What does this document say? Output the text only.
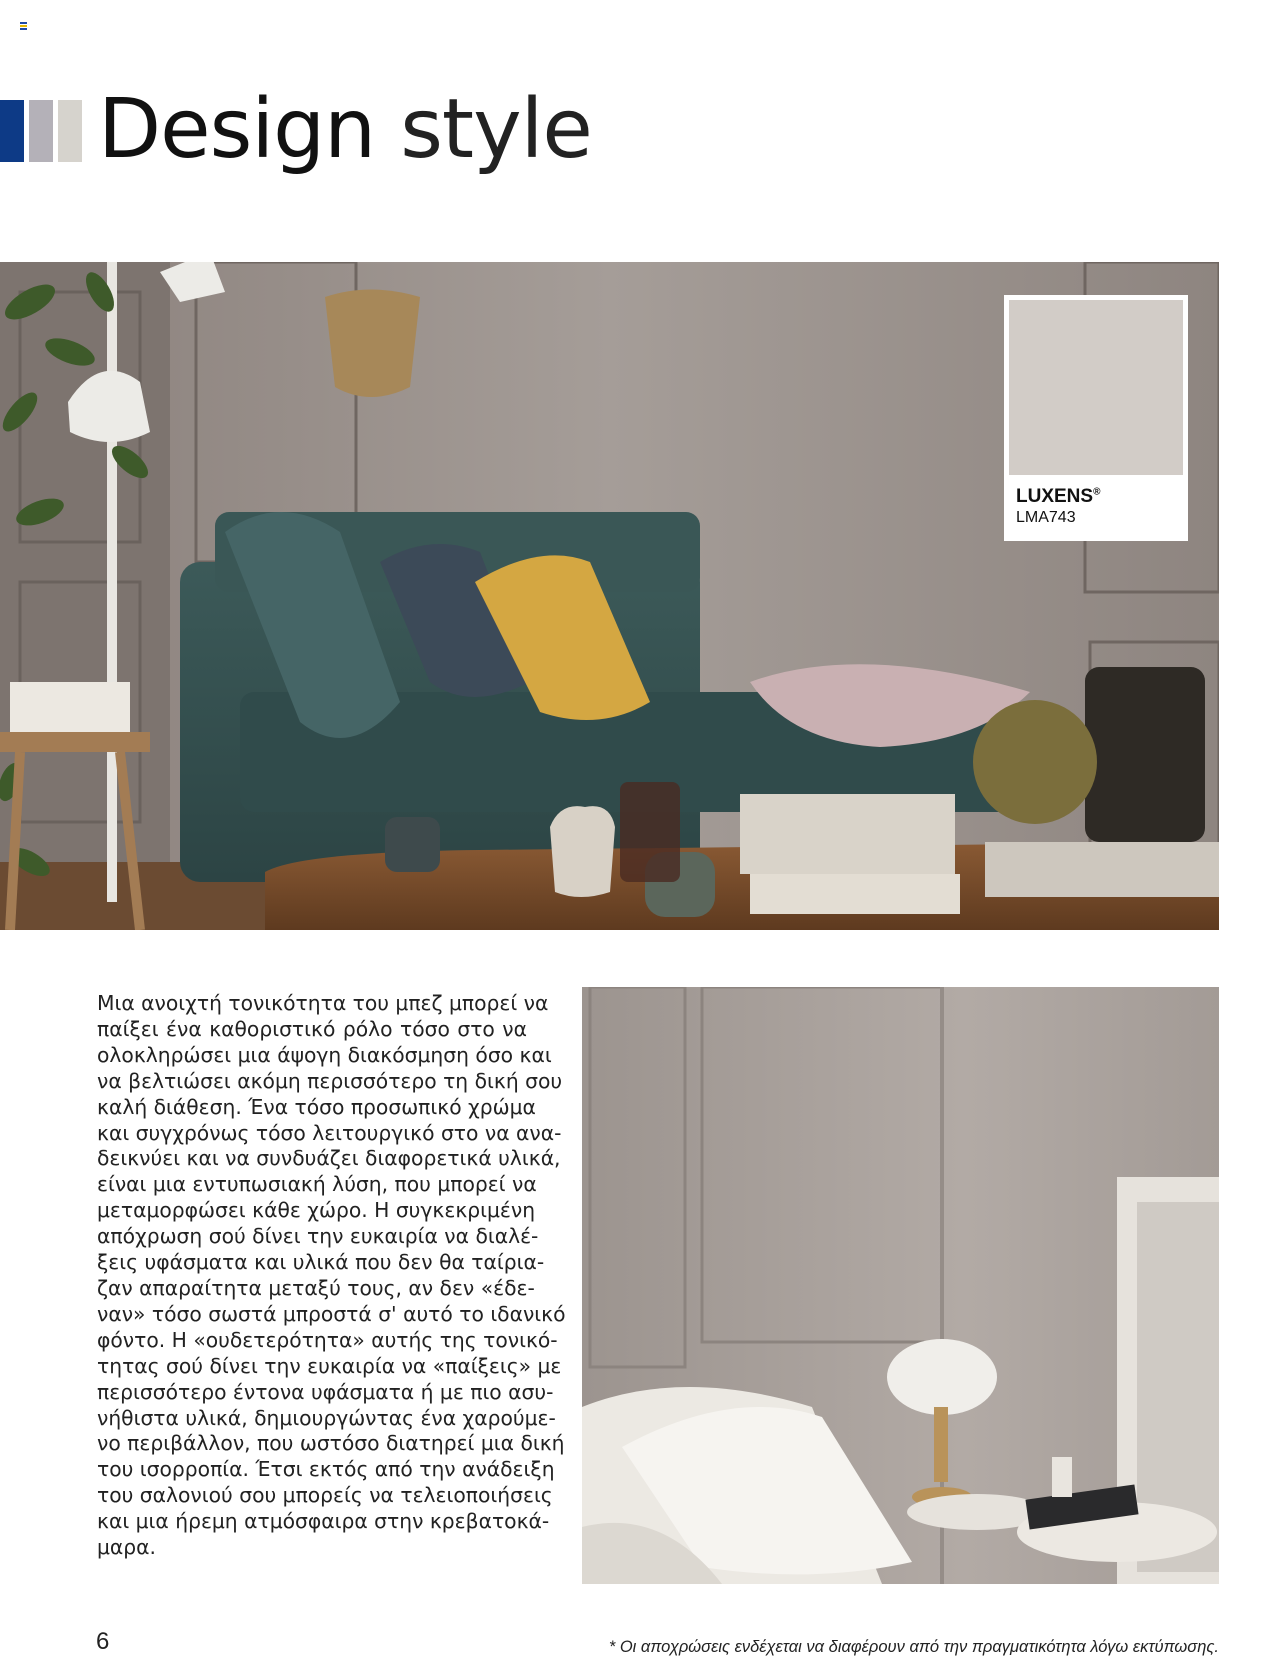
Design style
LUXENS®
LMA743
Μια ανοιχτή τονικότητα του μπεζ μπορεί να
παίξει ένα καθοριστικό ρόλο τόσο στο να
ολοκληρώσει μια άψογη διακόσμηση όσο και
να βελτιώσει ακόμη περισσότερο τη δική σου
καλή διάθεση. Ένα τόσο προσωπικό χρώμα
και συγχρόνως τόσο λειτουργικό στο να ανα-
δεικνύει και να συνδυάζει διαφορετικά υλικά,
είναι μια εντυπωσιακή λύση, που μπορεί να
μεταμορφώσει κάθε χώρο. Η συγκεκριμένη
απόχρωση σού δίνει την ευκαιρία να διαλέ-
ξεις υφάσματα και υλικά που δεν θα ταίρια-
ζαν απαραίτητα μεταξύ τους, αν δεν «έδε-
ναν» τόσο σωστά μπροστά σ' αυτό το ιδανικό
φόντο. Η «ουδετερότητα» αυτής της τονικό-
τητας σού δίνει την ευκαιρία να «παίξεις» με
περισσότερο έντονα υφάσματα ή με πιο ασυ-
νήθιστα υλικά, δημιουργώντας ένα χαρούμε-
νο περιβάλλον, που ωστόσο διατηρεί μια δική
του ισορροπία. Έτσι εκτός από την ανάδειξη
του σαλονιού σου μπορείς να τελειοποιήσεις
και μια ήρεμη ατμόσφαιρα στην κρεβατοκά-
μαρα.
6	* Οι αποχρώσεις ενδέχεται να διαφέρουν από την πραγματικότητα λόγω εκτύπωσης.
